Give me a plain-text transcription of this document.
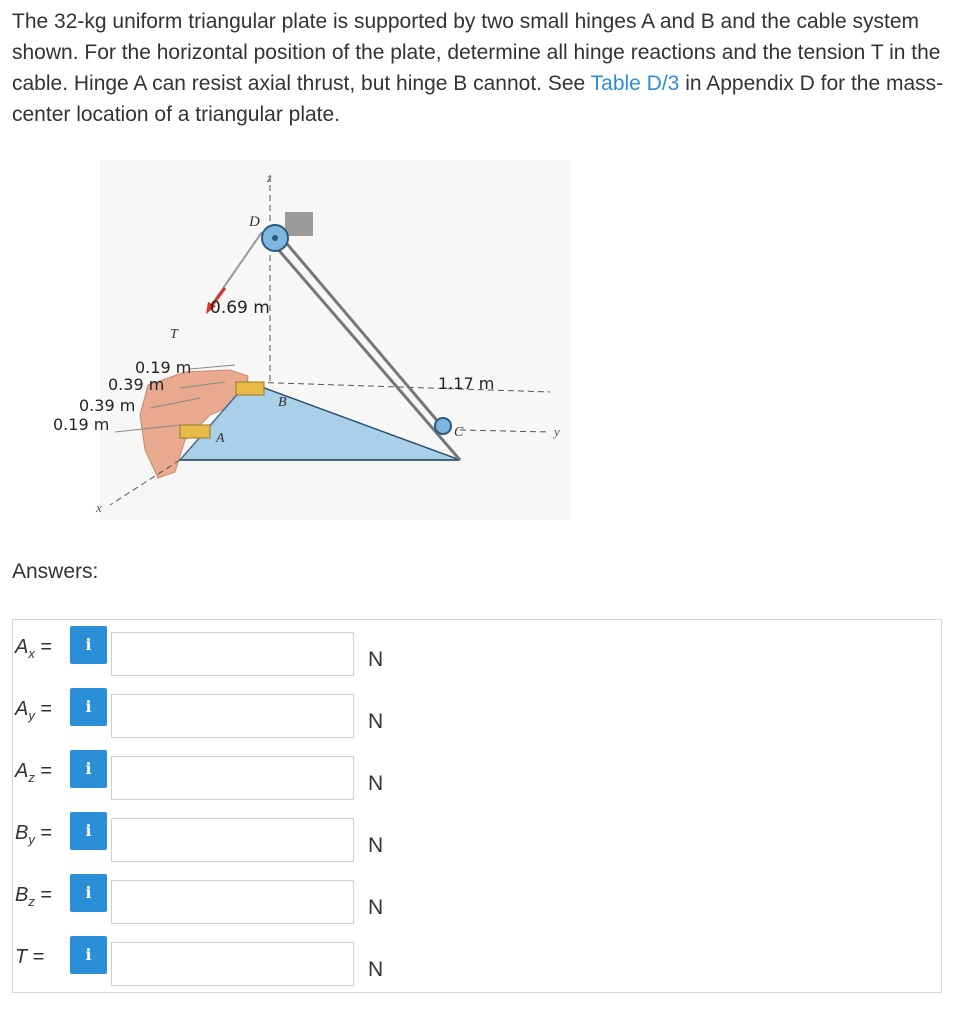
The 32-kg uniform triangular plate is supported by two small hinges A and B and the cable system shown. For the horizontal position of the plate, determine all hinge reactions and the tension T in the cable. Hinge A can resist axial thrust, but hinge B cannot. See Table D/3 in Appendix D for the mass-center location of a triangular plate.

z
D
T
B
A	C
x
y
0.69 m
0.19 m
0.39 m
0.39 m
0.19 m
1.17 m
Answers:
$A_x$ =	i
N
$A_y$ =	i
N
$A_z$ =	i
N
$B_y$ =	i
N
$B_z$ =	i
N
T =	i
N
